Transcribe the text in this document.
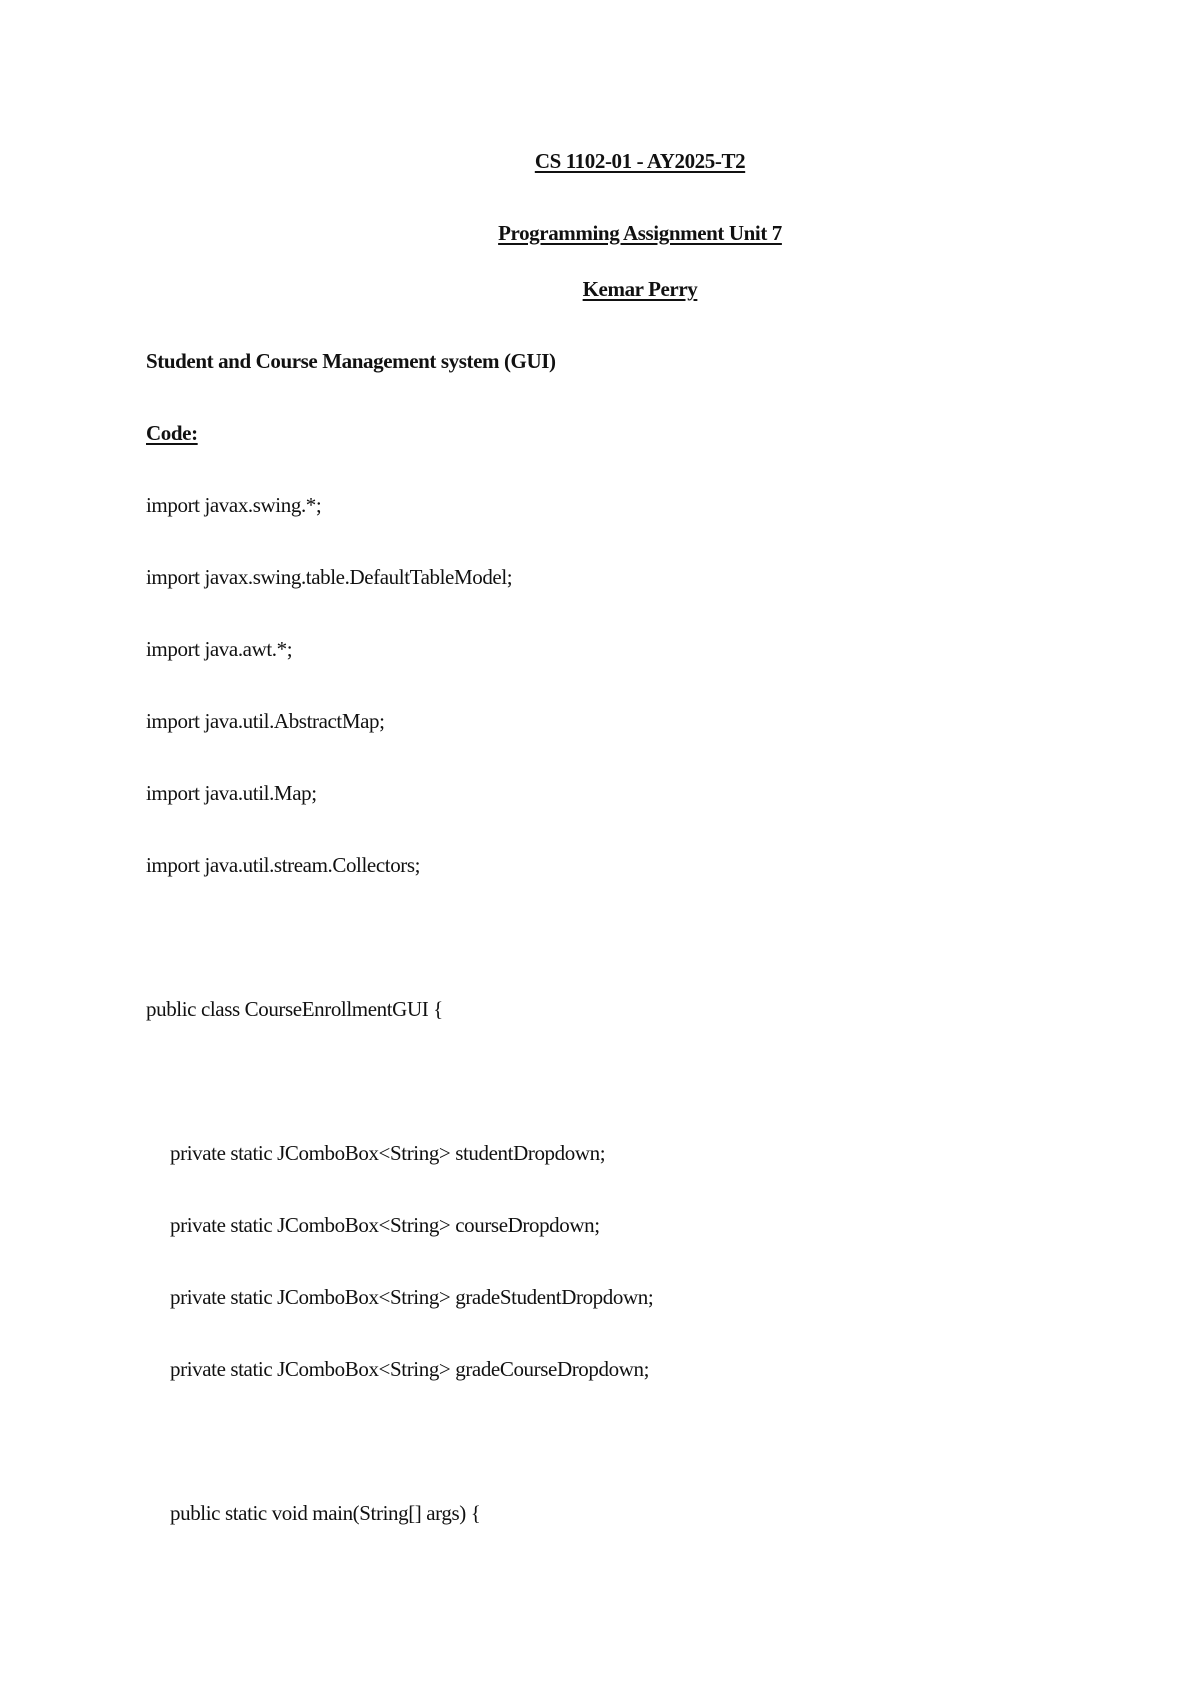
CS 1102-01 - AY2025-T2
Programming Assignment Unit 7
Kemar Perry
Student and Course Management system (GUI)
Code:
import javax.swing.*;
import javax.swing.table.DefaultTableModel;
import java.awt.*;
import java.util.AbstractMap;
import java.util.Map;
import java.util.stream.Collectors;
public class CourseEnrollmentGUI {
private static JComboBox<String> studentDropdown;
private static JComboBox<String> courseDropdown;
private static JComboBox<String> gradeStudentDropdown;
private static JComboBox<String> gradeCourseDropdown;
public static void main(String[] args) {
